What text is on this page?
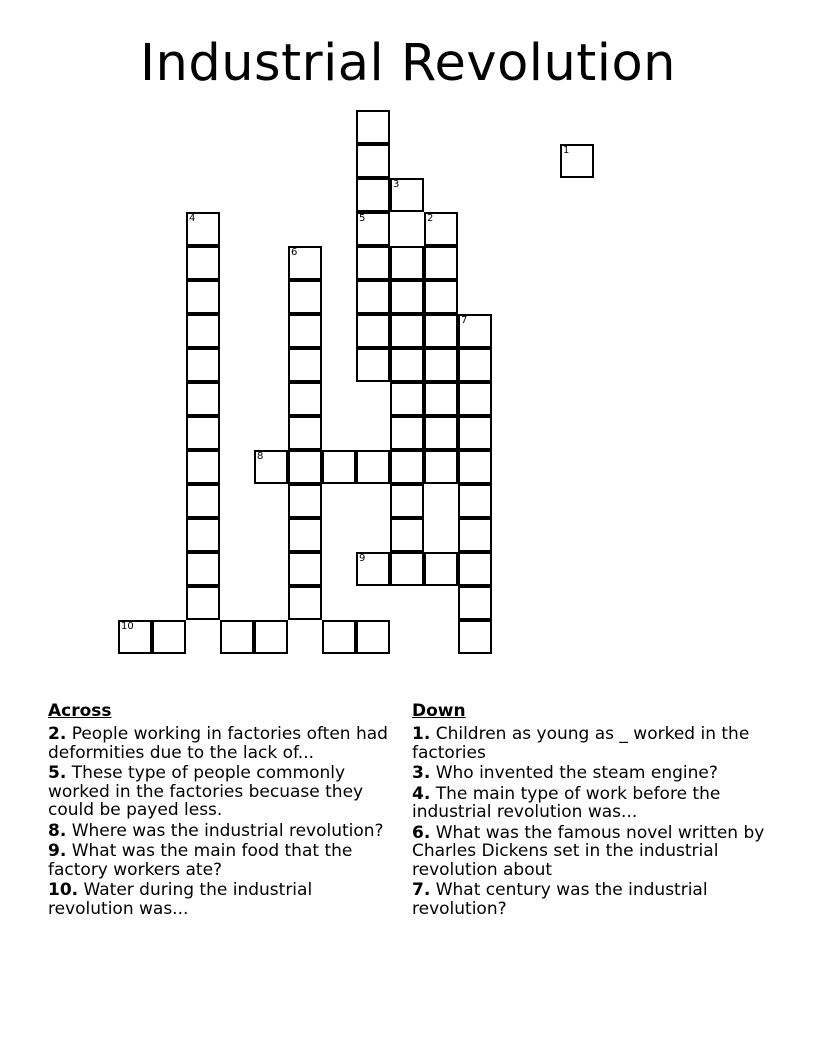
Industrial Revolution
1
2
3
5
4
6
7
8
9
10
Across
2. People working in factories often had deformities due to the lack of...
5. These type of people commonly worked in the factories becuase they could be payed less.
8. Where was the industrial revolution?
9. What was the main food that the factory workers ate?
10. Water during the industrial revolution was...
Down
1. Children as young as _ worked in the factories
3. Who invented the steam engine?
4. The main type of work before the industrial revolution was...
6. What was the famous novel written by Charles Dickens set in the industrial revolution about
7. What century was the industrial revolution?
